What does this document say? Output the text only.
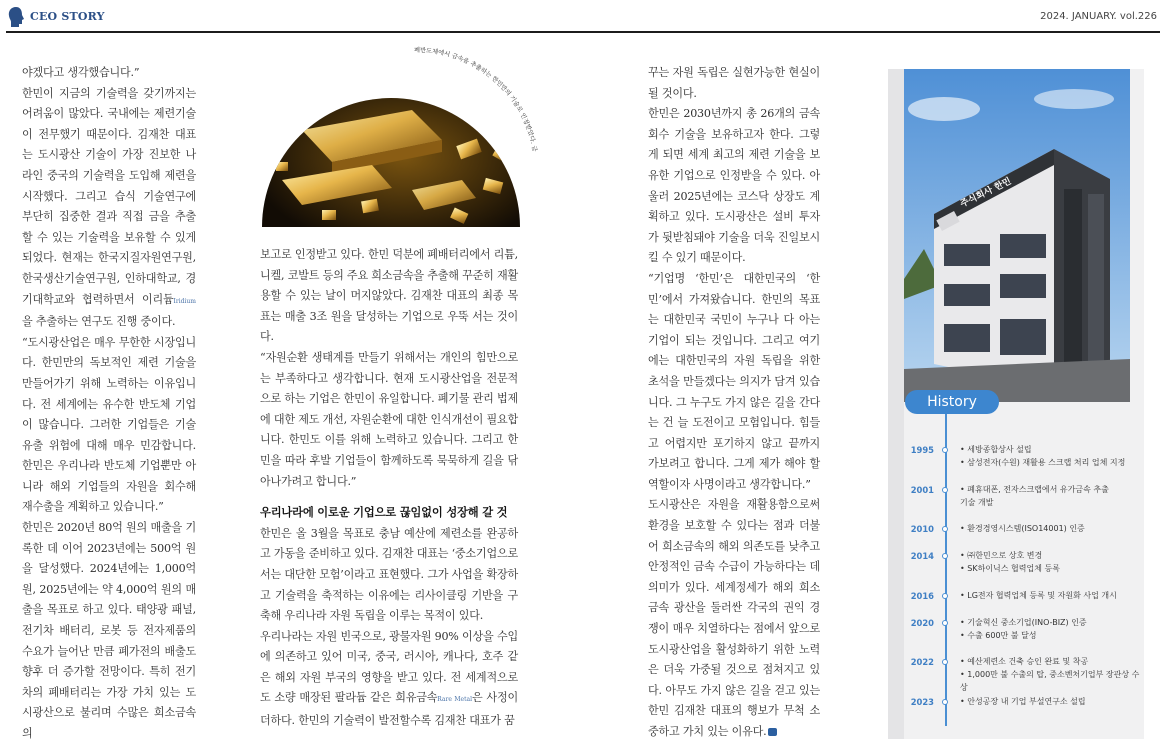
CEO STORY	2024. JANUARY. vol.226

야겠다고 생각했습니다.”

한민이 지금의 기술력을 갖기까지는 어려움이 많았다. 국내에는 제련기술이 전무했기 때문이다. 김재찬 대표는 도시광산 기술이 가장 진보한 나라인 중국의 기술력을 도입해 제련을 시작했다. 그리고 습식 기술연구에 부단히 집중한 결과 직접 금을 추출할 수 있는 기술력을 보유할 수 있게 되었다. 현재는 한국지질자원연구원, 한국생산기술연구원, 인하대학교, 경기대학교와 협력하면서 이리듐Iridium을 추출하는 연구도 진행 중이다.

“도시광산업은 매우 무한한 시장입니다. 한민만의 독보적인 제련 기술을 만들어가기 위해 노력하는 이유입니다. 전 세계에는 유수한 반도체 기업이 많습니다. 그러한 기업들은 기술 유출 위험에 대해 매우 민감합니다. 한민은 우리나라 반도체 기업뿐만 아니라 해외 기업들의 자원을 회수해 재수출을 계획하고 있습니다.”

한민은 2020년 80억 원의 매출을 기록한 데 이어 2023년에는 500억 원을 달성했다. 2024년에는 1,000억 원, 2025년에는 약 4,000억 원의 매출을 목표로 하고 있다. 태양광 패널, 전기차 배터리, 로봇 등 전자제품의 수요가 늘어난 만큼 폐가전의 배출도 향후 더 증가할 전망이다. 특히 전기차의 폐배터리는 가장 가치 있는 도시광산으로 불리며 수많은 희소금속의

폐반도체에서 금속을 추출하는 한민만의 기술로 인정받았다. 금

보고로 인정받고 있다. 한민 덕분에 폐배터리에서 리튬, 니켈, 코발트 등의 주요 희소금속을 추출해 꾸준히 재활용할 수 있는 날이 머지않았다. 김재찬 대표의 최종 목표는 매출 3조 원을 달성하는 기업으로 우뚝 서는 것이다.

“자원순환 생태계를 만들기 위해서는 개인의 힘만으로는 부족하다고 생각합니다. 현재 도시광산업을 전문적으로 하는 기업은 한민이 유일합니다. 폐기물 관리 법제에 대한 제도 개선, 자원순환에 대한 인식개선이 필요합니다. 한민도 이를 위해 노력하고 있습니다. 그리고 한민을 따라 후발 기업들이 함께하도록 묵묵하게 길을 닦아나가려고 합니다.”

우리나라에 이로운 기업으로 끊임없이 성장해 갈 것

한민은 올 3월을 목표로 충남 예산에 제련소를 완공하고 가동을 준비하고 있다. 김재찬 대표는 ‘중소기업으로서는 대단한 모험’이라고 표현했다. 그가 사업을 확장하고 기술력을 축적하는 이유에는 리사이클링 기반을 구축해 우리나라 자원 독립을 이루는 목적이 있다.

우리나라는 자원 빈국으로, 광물자원 90% 이상을 수입에 의존하고 있어 미국, 중국, 러시아, 캐나다, 호주 같은 해외 자원 부국의 영향을 받고 있다. 전 세계적으로도 소량 매장된 팔라듐 같은 희유금속Rare Metal은 사정이 더하다. 한민의 기술력이 발전할수록 김재찬 대표가 꿈

꾸는 자원 독립은 실현가능한 현실이 될 것이다.

한민은 2030년까지 총 26개의 금속 회수 기술을 보유하고자 한다. 그렇게 되면 세계 최고의 제련 기술을 보유한 기업으로 인정받을 수 있다. 아울러 2025년에는 코스닥 상장도 계획하고 있다. 도시광산은 설비 투자가 뒷받침돼야 기술을 더욱 진일보시킬 수 있기 때문이다.

“기업명 ‘한민’은 대한민국의 ‘한민’에서 가져왔습니다. 한민의 목표는 대한민국 국민이 누구나 다 아는 기업이 되는 것입니다. 그리고 여기에는 대한민국의 자원 독립을 위한 초석을 만들겠다는 의지가 담겨 있습니다. 그 누구도 가지 않은 길을 간다는 건 늘 도전이고 모험입니다. 힘들고 어렵지만 포기하지 않고 끝까지 가보려고 합니다. 그게 제가 해야 할 역할이자 사명이라고 생각합니다.”

도시광산은 자원을 재활용함으로써 환경을 보호할 수 있다는 점과 더불어 희소금속의 해외 의존도를 낮추고 안정적인 금속 수급이 가능하다는 데 의미가 있다. 세계정세가 해외 희소금속 광산을 둘러싼 각국의 권익 경쟁이 매우 치열하다는 점에서 앞으로 도시광산업을 활성화하기 위한 노력은 더욱 가중될 것으로 점쳐지고 있다. 아무도 가지 않은 길을 걷고 있는 한민 김재찬 대표의 행보가 무척 소중하고 가치 있는 이유다.

주식회사 한민
History
1995	• 세방종합상사 설립
• 삼성전자(수원) 재활용 스크랩 처리 업체 지정
2001	• 폐휴대폰, 전자스크랩에서 유가금속 추출
기술 개발
2010	• 환경경영시스템(ISO14001) 인증
2014	• ㈜한민으로 상호 변경
• SK하이닉스 협력업체 등록
2016	• LG전자 협력업체 등록 및 자원화 사업 개시
2020	• 기술혁신 중소기업(INO-BIZ) 인증
• 수출 600만 불 달성
2022	• 예산제련소 건축 승인 완료 및 착공
• 1,000만 불 수출의 탑, 중소벤처기업부 장관상 수상
2023	• 안성공장 내 기업 부설연구소 설립
